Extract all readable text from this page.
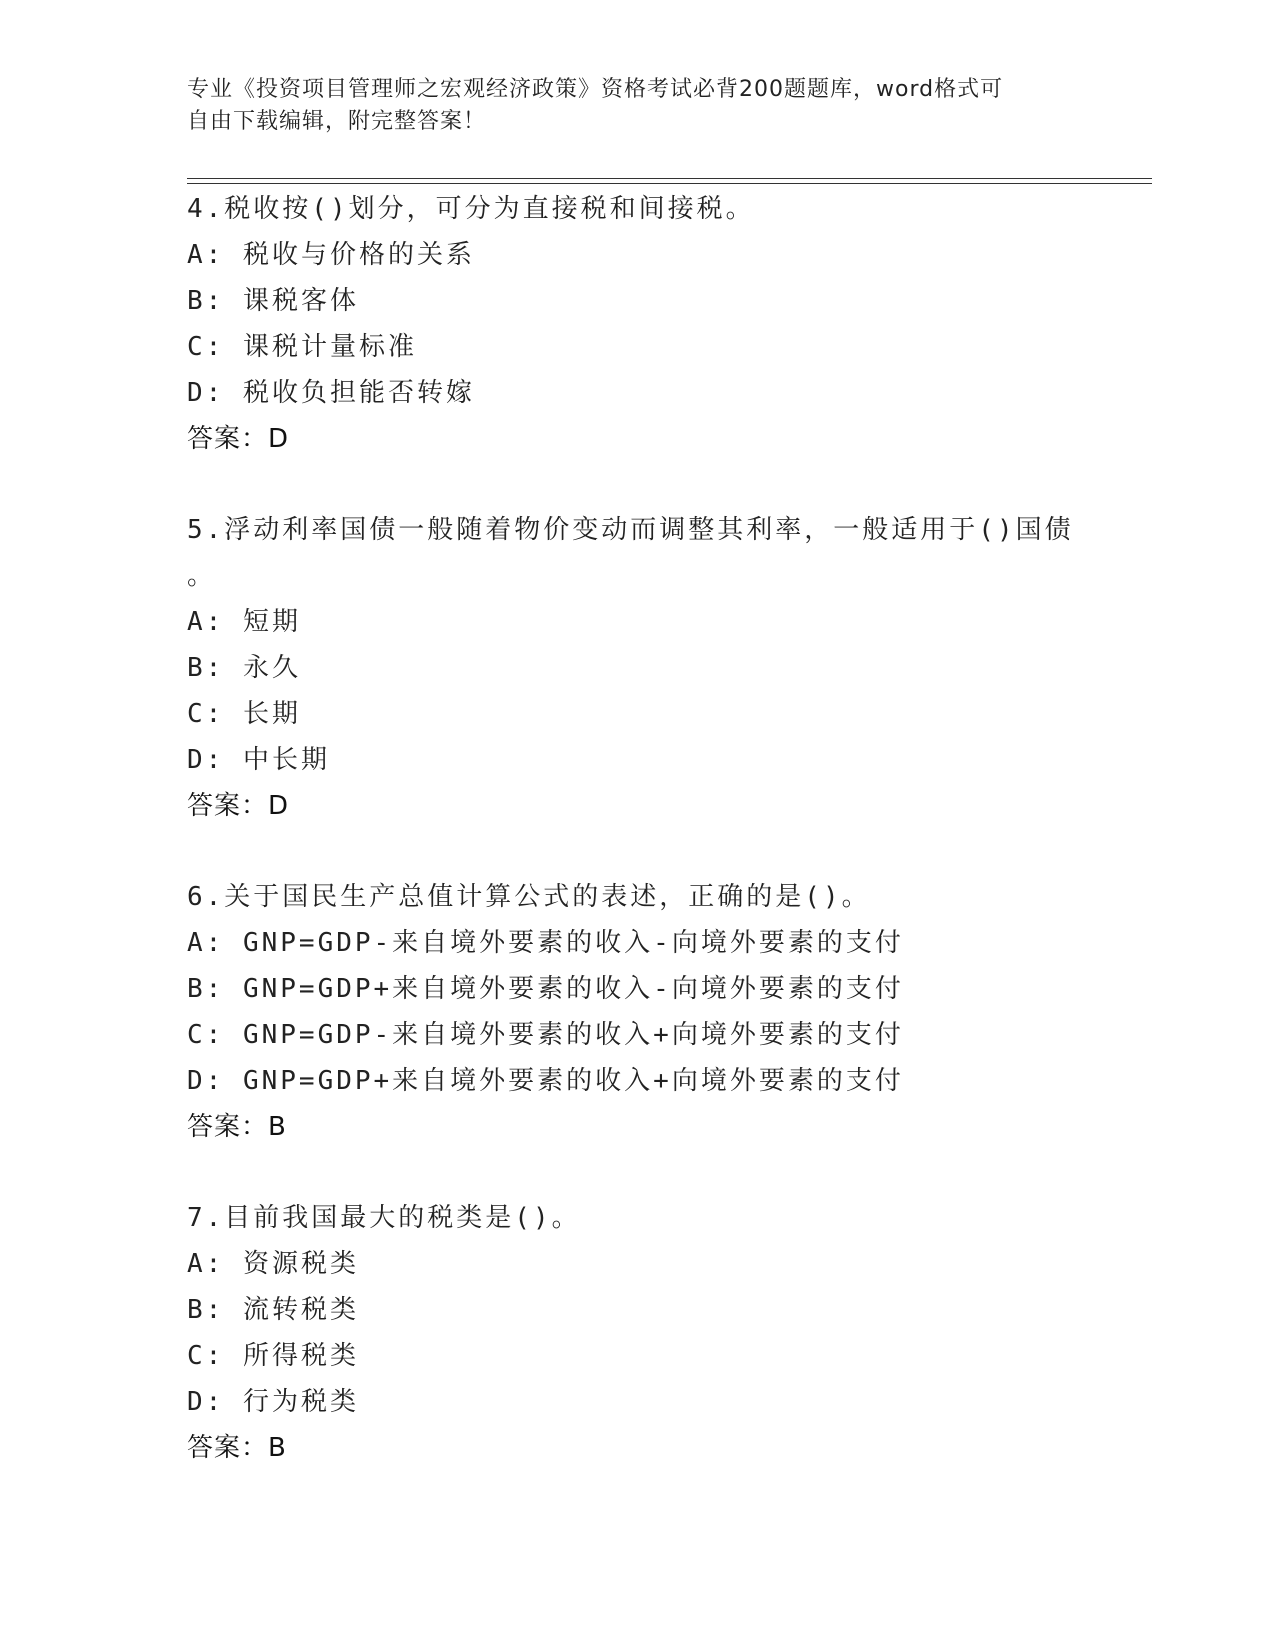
专业《投资项目管理师之宏观经济政策》资格考试必背200题题库，word格式可
自由下载编辑，附完整答案！
4.税收按()划分，可分为直接税和间接税。
A: 税收与价格的关系
B: 课税客体
C: 课税计量标准
D: 税收负担能否转嫁
答案：D
5.浮动利率国债一般随着物价变动而调整其利率，一般适用于()国债
。
A: 短期
B: 永久
C: 长期
D: 中长期
答案：D
6.关于国民生产总值计算公式的表述，正确的是()。
A: GNP=GDP-来自境外要素的收入-向境外要素的支付
B: GNP=GDP+来自境外要素的收入-向境外要素的支付
C: GNP=GDP-来自境外要素的收入+向境外要素的支付
D: GNP=GDP+来自境外要素的收入+向境外要素的支付
答案：B
7.目前我国最大的税类是()。
A: 资源税类
B: 流转税类
C: 所得税类
D: 行为税类
答案：B
